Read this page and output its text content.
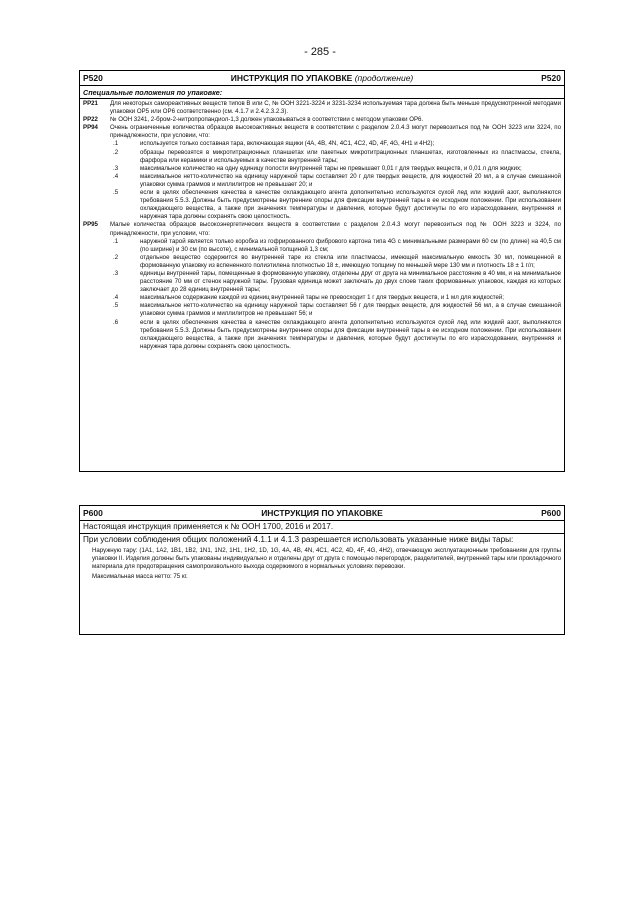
- 285 -
P520	ИНСТРУКЦИЯ ПО УПАКОВКЕ (продолжение)	P520
Специальные положения по упаковке:
PP21	Для некоторых самореактивных веществ типов B или C, № ООН 3221-3224 и 3231-3234 используемая тара должна быть меньше предусмотренной методами упаковки OP5 или OP6 соответственно (см. 4.1.7 и 2.4.2.3.2.3).
PP22	№ ООН 3241, 2-бром-2-нитропропандиол-1,3 должен упаковываться в соответствии с методом упаковки OP6.
PP94	Очень ограниченные количества образцов высокоактивных веществ в соответствии с разделом 2.0.4.3 могут перевозиться под № ООН 3223 или 3224, по принадлежности, при условии, что:
.1	используется только составная тара, включающая ящики (4A, 4B, 4N, 4C1, 4C2, 4D, 4F, 4G, 4H1 и 4H2);
.2	образцы перевозятся в микротитрационных планшетах или пакетных микротитрационных планшетах, изготовленных из пластмассы, стекла, фарфора или керамики и используемых в качестве внутренней тары;
.3	максимальное количество на одну единицу полости внутренней тары не превышает 0,01 г для твердых веществ, и 0,01 л для жидких;
.4	максимальное нетто-количество на единицу наружной тары составляет 20 г для твердых веществ, для жидкостей 20 мл, а в случае смешанной упаковки сумма граммов и миллилитров не превышает 20; и
.5	если в целях обеспечения качества в качестве охлаждающего агента дополнительно используются сухой лед или жидкий азот, выполняются требования 5.5.3. Должны быть предусмотрены внутренние опоры для фиксации внутренней тары в ее исходном положении. При использовании охлаждающего вещества, а также при значениях температуры и давления, которые будут достигнуты по его израсходовании, внутренняя и наружная тара должны сохранять свою целостность.
PP95	Малые количества образцов высокоэнергетических веществ в соответствии с разделом 2.0.4.3 могут перевозиться под № ООН 3223 и 3224, по принадлежности, при условии, что:
.1	наружной тарой является только коробка из гофрированного фибрового картона типа 4G с минимальными размерами 60 см (по длине) на 40,5 см (по ширине) и 30 см (по высоте), с минимальной толщиной 1,3 см;
.2	отдельное вещество содержится во внутренней таре из стекла или пластмассы, имеющей максимальную емкость 30 мл, помещенной в формованную упаковку из вспененного полиэтилена плотностью 18 ±, имеющую толщину по меньшей мере 130 мм и плотность 18 ± 1 г/л;
.3	единицы внутренней тары, помещенные в формованную упаковку, отделены друг от друга на минимальное расстояние в 40 мм, и на минимальное расстояние 70 мм от стенок наружной тары. Грузовая единица может заключать до двух слоев таких формованных упаковок, каждая из которых заключает до 28 единиц внутренней тары;
.4	максимальное содержание каждой из единиц внутренней тары не превосходит 1 г для твердых веществ, и 1 мл для жидкостей;
.5	максимальное нетто-количество на единицу наружной тары составляет 56 г для твердых веществ, для жидкостей 56 мл, а в случае смешанной упаковки сумма граммов и миллилитров не превышает 56; и
.6	если в целях обеспечения качества в качестве охлаждающего агента дополнительно используются сухой лед или жидкий азот, выполняются требования 5.5.3. Должны быть предусмотрены внутренние опоры для фиксации внутренней тары в ее исходном положении. При использовании охлаждающего вещества, а также при значениях температуры и давления, которые будут достигнуты по его израсходовании, внутренняя и наружная тара должны сохранять свою целостность.
P600	ИНСТРУКЦИЯ ПО УПАКОВКЕ	P600
Настоящая инструкция применяется к № ООН 1700, 2016 и 2017.
При условии соблюдения общих положений 4.1.1 и 4.1.3 разрешается использовать указанные ниже виды тары:
Наружную тару: (1A1, 1A2, 1B1, 1B2, 1N1, 1N2, 1H1, 1H2, 1D, 1G, 4A, 4B, 4N, 4C1, 4C2, 4D, 4F, 4G, 4H2), отвечающую эксплуатационным требованиям для группы упаковки II. Изделия должны быть упакованы индивидуально и отделены друг от друга с помощью перегородок, разделителей, внутренней тары или прокладочного материала для предотвращения самопроизвольного выхода содержимого в нормальных условиях перевозки.
Максимальная масса нетто: 75 кг.
